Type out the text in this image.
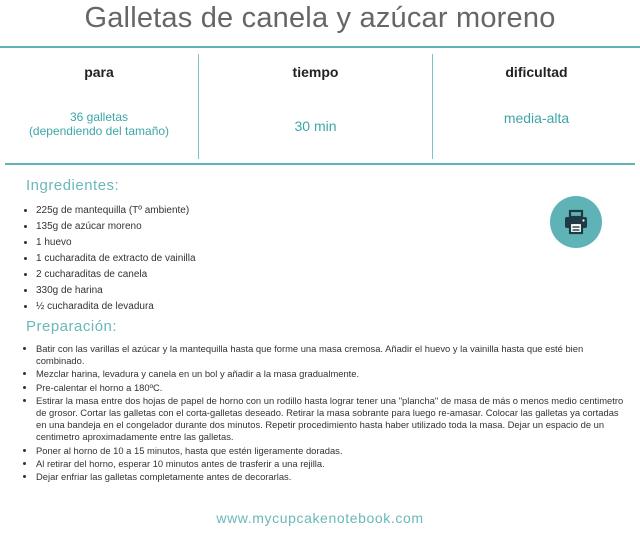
Galletas de canela y azúcar moreno
para
36 galletas
(dependiendo del tamaño)
tiempo
30 min
dificultad
media-alta
Ingredientes:
• 225g de mantequilla (Tº ambiente)
• 135g de azúcar moreno
• 1 huevo
• 1 cucharadita de extracto de vainilla
• 2 cucharaditas de canela
• 330g de harina
• ½ cucharadita de levadura
Preparación:
• Batir con las varillas el azúcar y la mantequilla hasta que forme una masa cremosa. Añadir el huevo y la vainilla hasta que esté bien combinado.
• Mezclar harina, levadura y canela en un bol y añadir a la masa gradualmente.
• Pre-calentar el horno a 180ºC.
• Estirar la masa entre dos hojas de papel de horno con un rodillo hasta lograr tener una "plancha" de masa de más o menos medio centimetro de grosor. Cortar las galletas con el corta-galletas deseado. Retirar la masa sobrante para luego re-amasar. Colocar las galletas ya cortadas en una bandeja en el congelador durante dos minutos. Repetir procedimiento hasta haber utilizado toda la masa. Dejar un espacio de un centimetro aproximadamente entre las galletas.
• Poner al horno de 10 a 15 minutos, hasta que estén ligeramente doradas.
• Al retirar del horno, esperar 10 minutos antes de trasferir a una rejilla.
• Dejar enfriar las galletas completamente antes de decorarlas.
www.mycupcakenotebook.com
